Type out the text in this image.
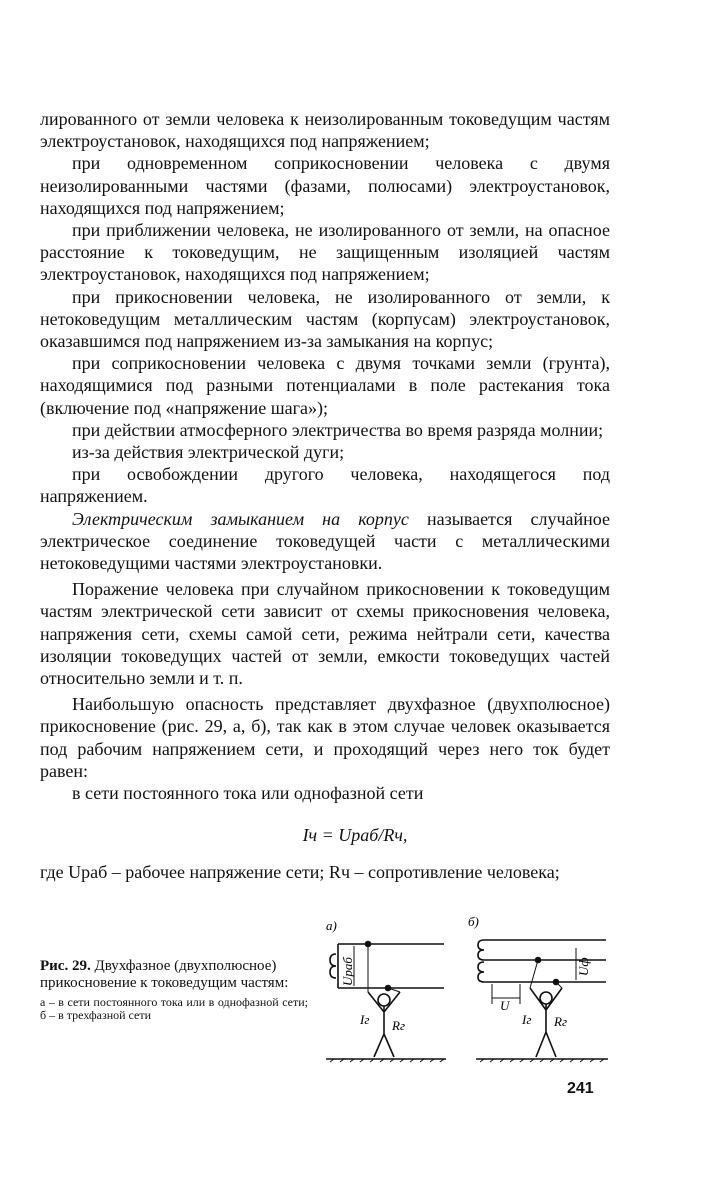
лированного от земли человека к неизолированным токоведущим частям электроустановок, находящихся под напряжением;

при одновременном соприкосновении человека с двумя неизолированными частями (фазами, полюсами) электроустановок, находящихся под напряжением;

при приближении человека, не изолированного от земли, на опасное расстояние к токоведущим, не защищенным изоляцией частям электроустановок, находящихся под напряжением;

при прикосновении человека, не изолированного от земли, к нетоковедущим металлическим частям (корпусам) электроустановок, оказавшимся под напряжением из-за замыкания на корпус;

при соприкосновении человека с двумя точками земли (грунта), находящимися под разными потенциалами в поле растекания тока (включение под «напряжение шага»);

при действии атмосферного электричества во время разряда молнии;

из-за действия электрической дуги;

при освобождении другого человека, находящегося под напряжением.

Электрическим замыканием на корпус называется случайное электрическое соединение токоведущей части с металлическими нетоковедущими частями электроустановки.

Поражение человека при случайном прикосновении к токоведущим частям электрической сети зависит от схемы прикосновения человека, напряжения сети, схемы самой сети, режима нейтрали сети, качества изоляции токоведущих частей от земли, емкости токоведущих частей относительно земли и т. п.

Наибольшую опасность представляет двухфазное (двухполюсное) прикосновение (рис. 29, а, б), так как в этом случае человек оказывается под рабочим напряжением сети, и проходящий через него ток будет равен:

в сети постоянного тока или однофазной сети

Iч = Uраб/Rч,

где Uраб – рабочее напряжение сети; Rч – сопротивление человека;

Рис. 29. Двухфазное (двухполюсное) прикосновение к токоведущим частям:

а – в сети постоянного тока или в однофазной сети; б – в трехфазной сети

а)	б)
Uраб
Iг Rг
U
Uф
Iг Rг
241
